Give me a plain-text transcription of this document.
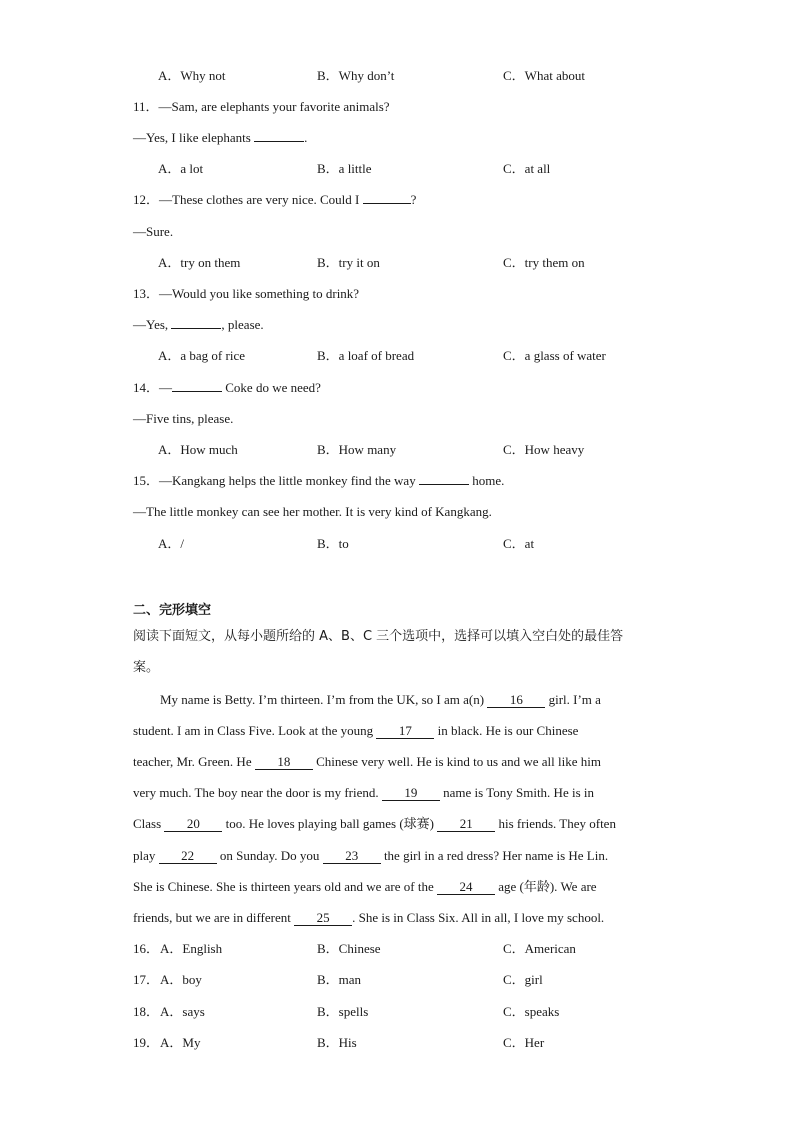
A．Why not	B．Why don’t	C．What about
11．—Sam, are elephants your favorite animals?
—Yes, I like elephants	.
A．a lot	B．a little	C．at all
12．—These clothes are very nice. Could I	?
—Sure.
A．try on them	B．try it on	C．try them on
13．—Would you like something to drink?
—Yes,	, please.
A．a bag of rice	B．a loaf of bread	C．a glass of water
14．—	Coke do we need?
—Five tins, please.
A．How much	B．How many	C．How heavy
15．—Kangkang helps the little monkey find the way	home.
—The little monkey can see her mother. It is very kind of Kangkang.
A．/	B．to	C．at
二、完形填空
阅读下面短文，从每小题所给的 A、B、C 三个选项中，选择可以填入空白处的最佳答
案。
My name is Betty. I’m thirteen. I’m from the UK, so I am a(n) 16 girl. I’m a
student. I am in Class Five. Look at the young 17 in black. He is our Chinese
teacher, Mr. Green. He 18 Chinese very well. He is kind to us and we all like him
very much. The boy near the door is my friend. 19 name is Tony Smith. He is in
Class 20 too. He loves playing ball games (球赛) 21 his friends. They often
play 22 on Sunday. Do you 23 the girl in a red dress? Her name is He Lin.
She is Chinese. She is thirteen years old and we are of the 24 age (年龄). We are
friends, but we are in different 25 . She is in Class Six. All in all, I love my school.
16． A．English	B．Chinese	C．American
17． A．boy	B．man	C．girl
18． A．says	B．spells	C．speaks
19． A．My	B．His	C．Her
